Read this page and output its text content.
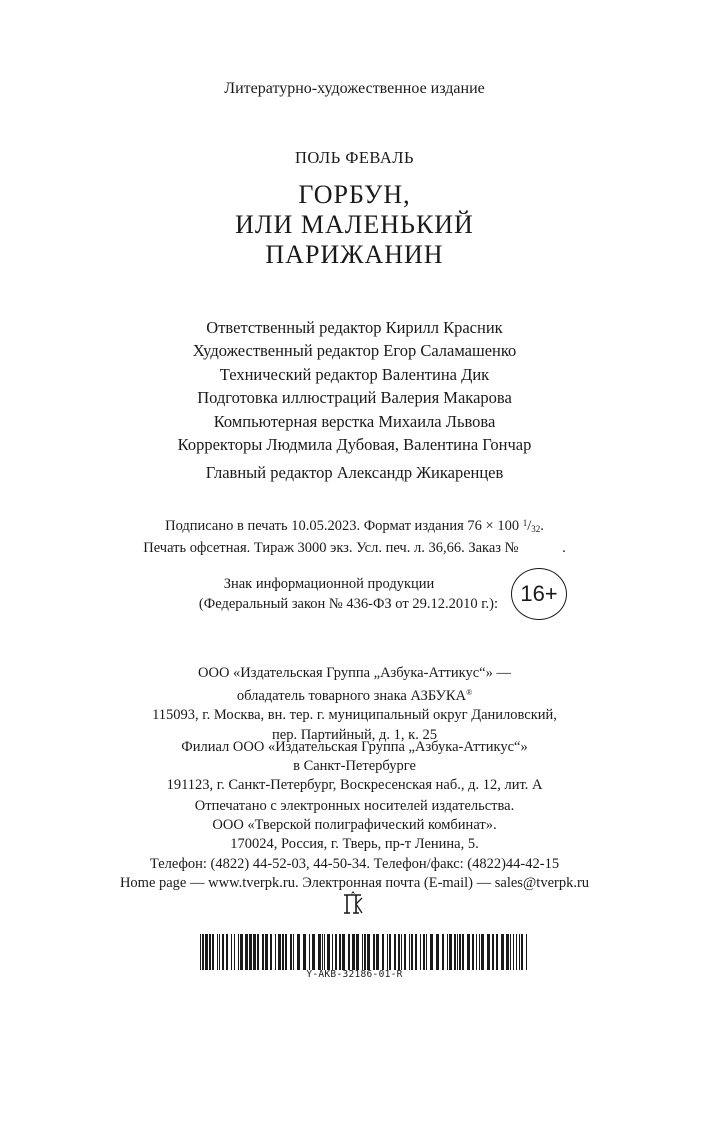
Литературно-художественное издание
ПОЛЬ ФЕВАЛЬ
ГОРБУН,
ИЛИ МАЛЕНЬКИЙ
ПАРИЖАНИН
Ответственный редактор Кирилл Красник
Художественный редактор Егор Саламашенко
Технический редактор Валентина Дик
Подготовка иллюстраций Валерия Макарова
Компьютерная верстка Михаила Львова
Корректоры Людмила Дубовая, Валентина Гончар
Главный редактор Александр Жикаренцев
Подписано в печать 10.05.2023. Формат издания 76 × 100 $^1/_{32}$.
Печать офсетная. Тираж 3000 экз. Усл. печ. л. 36,66. Заказ №	.
Знак информационной продукции
(Федеральный закон № 436-ФЗ от 29.12.2010 г.): 16+
ООО «Издательская Группа „Азбука-Аттикус“» —
обладатель товарного знака АЗБУКА®
115093, г. Москва, вн. тер. г. муниципальный округ Даниловский,
пер. Партийный, д. 1, к. 25
Филиал ООО «Издательская Группа „Азбука-Аттикус“»
в Санкт-Петербурге
191123, г. Санкт-Петербург, Воскресенская наб., д. 12, лит. А
Отпечатано с электронных носителей издательства.
ООО «Тверской полиграфический комбинат».
170024, Россия, г. Тверь, пр-т Ленина, 5.
Телефон: (4822) 44-52-03, 44-50-34. Телефон/факс: (4822)44-42-15
Home page — www.tverpk.ru. Электронная почта (E-mail) — sales@tverpk.ru
Y-AKB-32186-01-R
